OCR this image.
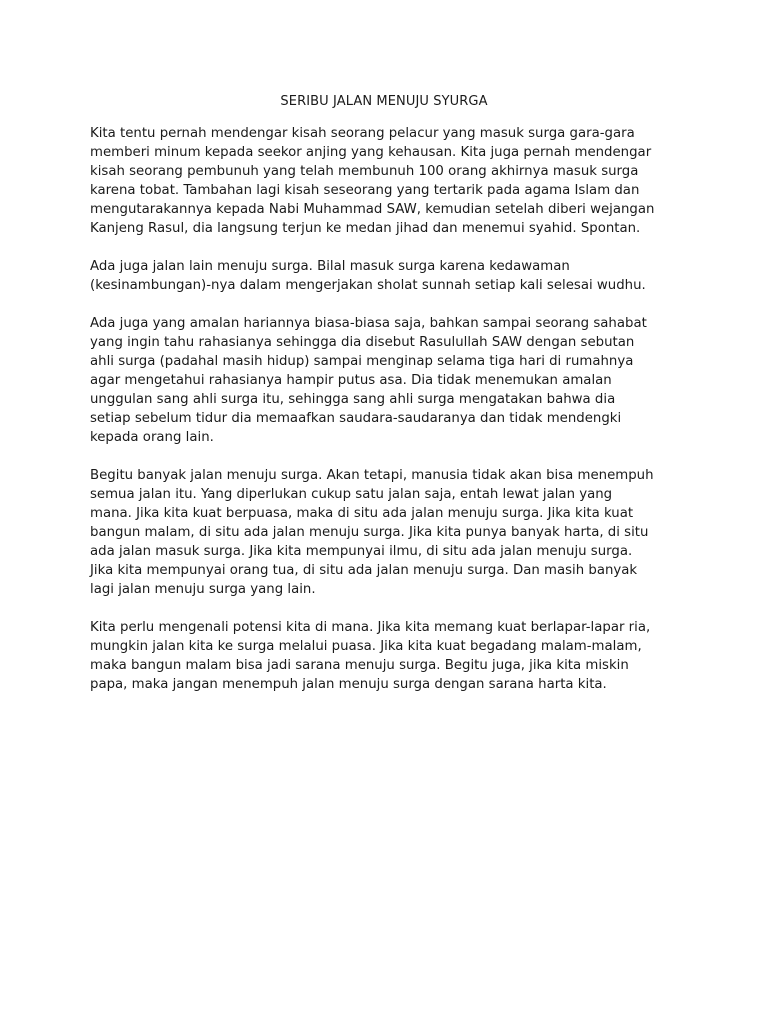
SERIBU JALAN MENUJU SYURGA

Kita tentu pernah mendengar kisah seorang pelacur yang masuk surga gara-gara
memberi minum kepada seekor anjing yang kehausan. Kita juga pernah mendengar
kisah seorang pembunuh yang telah membunuh 100 orang akhirnya masuk surga
karena tobat. Tambahan lagi kisah seseorang yang tertarik pada agama Islam dan
mengutarakannya kepada Nabi Muhammad SAW, kemudian setelah diberi wejangan
Kanjeng Rasul, dia langsung terjun ke medan jihad dan menemui syahid. Spontan.

Ada juga jalan lain menuju surga. Bilal masuk surga karena kedawaman
(kesinambungan)-nya dalam mengerjakan sholat sunnah setiap kali selesai wudhu.

Ada juga yang amalan hariannya biasa-biasa saja, bahkan sampai seorang sahabat
yang ingin tahu rahasianya sehingga dia disebut Rasulullah SAW dengan sebutan
ahli surga (padahal masih hidup) sampai menginap selama tiga hari di rumahnya
agar mengetahui rahasianya hampir putus asa. Dia tidak menemukan amalan
unggulan sang ahli surga itu, sehingga sang ahli surga mengatakan bahwa dia
setiap sebelum tidur dia memaafkan saudara-saudaranya dan tidak mendengki
kepada orang lain.

Begitu banyak jalan menuju surga. Akan tetapi, manusia tidak akan bisa menempuh
semua jalan itu. Yang diperlukan cukup satu jalan saja, entah lewat jalan yang
mana. Jika kita kuat berpuasa, maka di situ ada jalan menuju surga. Jika kita kuat
bangun malam, di situ ada jalan menuju surga. Jika kita punya banyak harta, di situ
ada jalan masuk surga. Jika kita mempunyai ilmu, di situ ada jalan menuju surga.
Jika kita mempunyai orang tua, di situ ada jalan menuju surga. Dan masih banyak
lagi jalan menuju surga yang lain.

Kita perlu mengenali potensi kita di mana. Jika kita memang kuat berlapar-lapar ria,
mungkin jalan kita ke surga melalui puasa. Jika kita kuat begadang malam-malam,
maka bangun malam bisa jadi sarana menuju surga. Begitu juga, jika kita miskin
papa, maka jangan menempuh jalan menuju surga dengan sarana harta kita.
